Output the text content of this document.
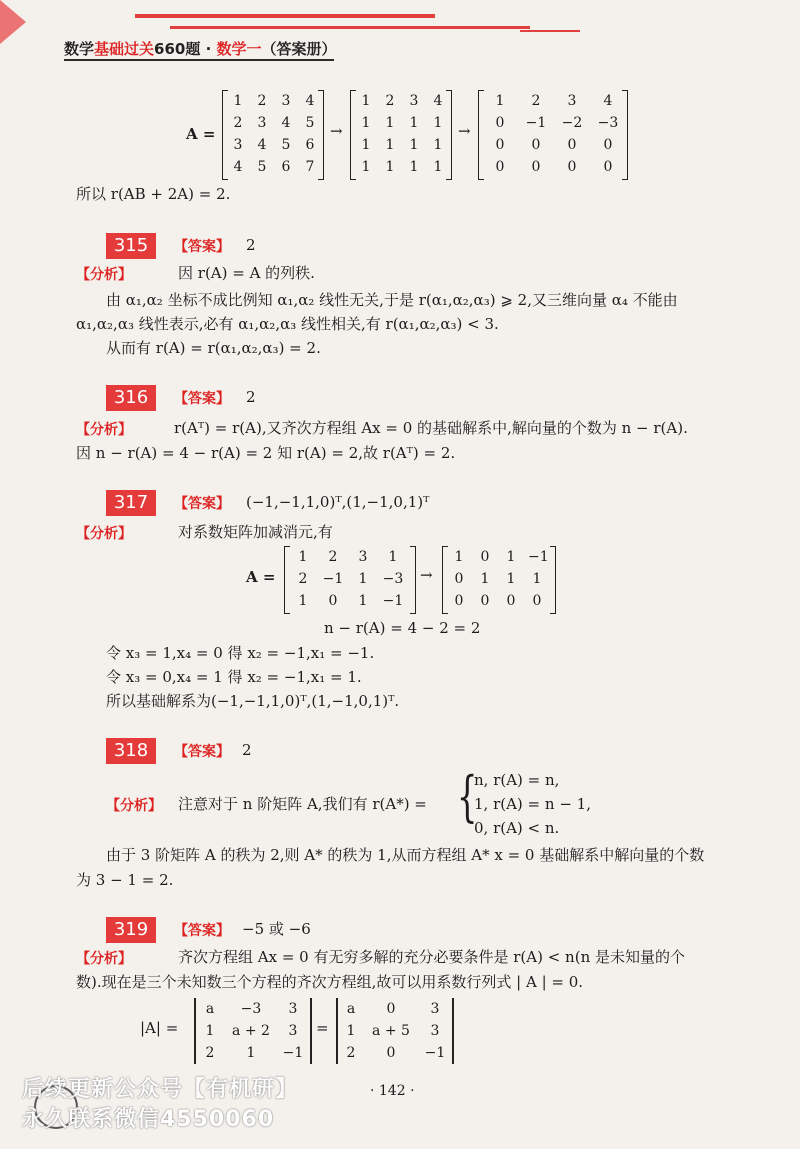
数学基础过关660题 · 数学一（答案册）
A =
1	2	3	4
2	3	4	5
3	4	5	6
4	5	6	7
→
1	2	3	4
1	1	1	1
1	1	1	1
1	1	1	1
→
1	2	3	4
0	−1	−2	−3
0	0	0	0
0	0	0	0
所以 r(AB + 2A) = 2.
315	【答案】 2
【分析】	因 r(A) = A 的列秩.
由 α₁,α₂ 坐标不成比例知 α₁,α₂ 线性无关,于是 r(α₁,α₂,α₃) ⩾ 2,又三维向量 α₄ 不能由
α₁,α₂,α₃ 线性表示,必有 α₁,α₂,α₃ 线性相关,有 r(α₁,α₂,α₃) < 3.
从而有 r(A) = r(α₁,α₂,α₃) = 2.
316	【答案】 2
【分析】	r(Aᵀ) = r(A),又齐次方程组 Ax = 0 的基础解系中,解向量的个数为 n − r(A).
因 n − r(A) = 4 − r(A) = 2 知 r(A) = 2,故 r(Aᵀ) = 2.
317	【答案】 (−1,−1,1,0)ᵀ,(1,−1,0,1)ᵀ
【分析】	对系数矩阵加减消元,有
A =
1	2	3	1
2	−1	1	−3
1	0	1	−1
→
1	0	1 −1
0	1	1	1
0	0	0	0
n − r(A) = 4 − 2 = 2
令 x₃ = 1,x₄ = 0 得 x₂ = −1,x₁ = −1.
令 x₃ = 0,x₄ = 1 得 x₂ = −1,x₁ = 1.
所以基础解系为(−1,−1,1,0)ᵀ,(1,−1,0,1)ᵀ.
318	【答案】 2
【分析】 注意对于 n 阶矩阵 A,我们有 r(A*) = {
n, r(A) = n,
1, r(A) = n − 1,
0, r(A) < n.
由于 3 阶矩阵 A 的秩为 2,则 A* 的秩为 1,从而方程组 A* x = 0 基础解系中解向量的个数
为 3 − 1 = 2.
319	【答案】 −5 或 −6
【分析】	齐次方程组 Ax = 0 有无穷多解的充分必要条件是 r(A) < n(n 是未知量的个
数).现在是三个未知数三个方程的齐次方程组,故可以用系数行列式 | A | = 0.
|A| =
a	−3	3
1	a + 2	3
2	1	−1
=
a	0	3
1	a + 5	3
2	0	−1
· 142 ·
后续更新公众号【有机研】
永久联系微信4550060
